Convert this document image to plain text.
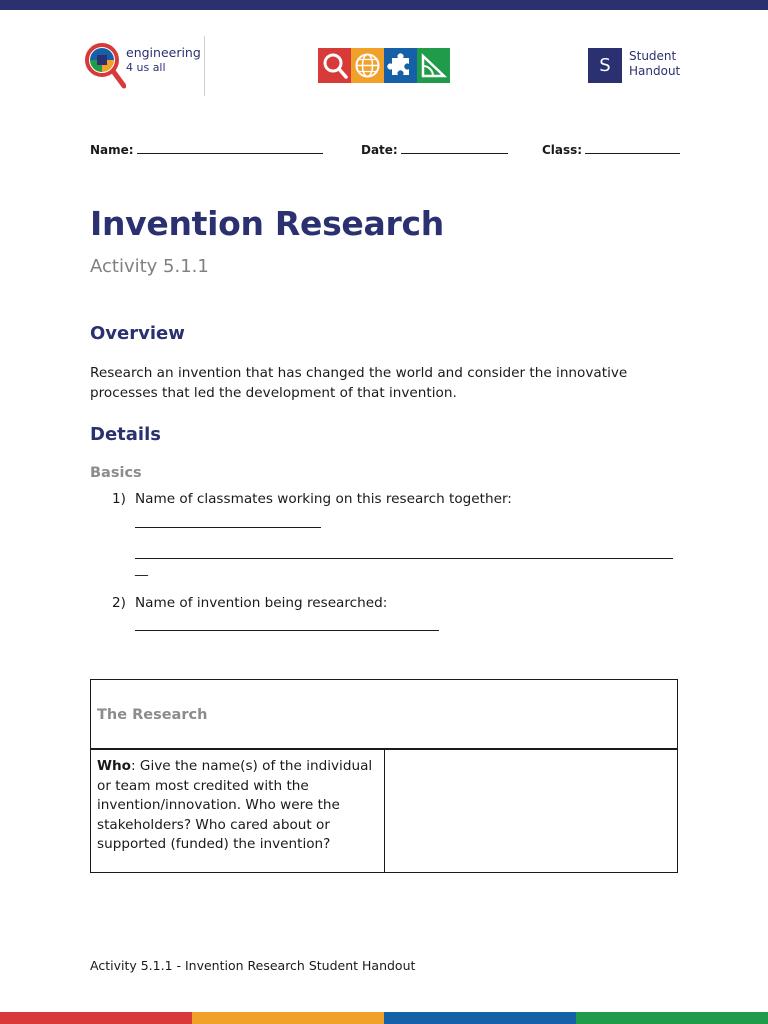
engineering
4 us all	S	Student
Handout
Name:	Date:	Class:
Invention Research
Activity 5.1.1
Overview
Research an invention that has changed the world and consider the innovative processes that led the development of that invention.
Details
Basics
1) Name of classmates working on this research together:
__
2) Name of invention being researched:
The Research
Who: Give the name(s) of the individual or team most credited with the invention/innovation. Who were the stakeholders? Who cared about or supported (funded) the invention?
Activity 5.1.1 - Invention Research Student Handout
